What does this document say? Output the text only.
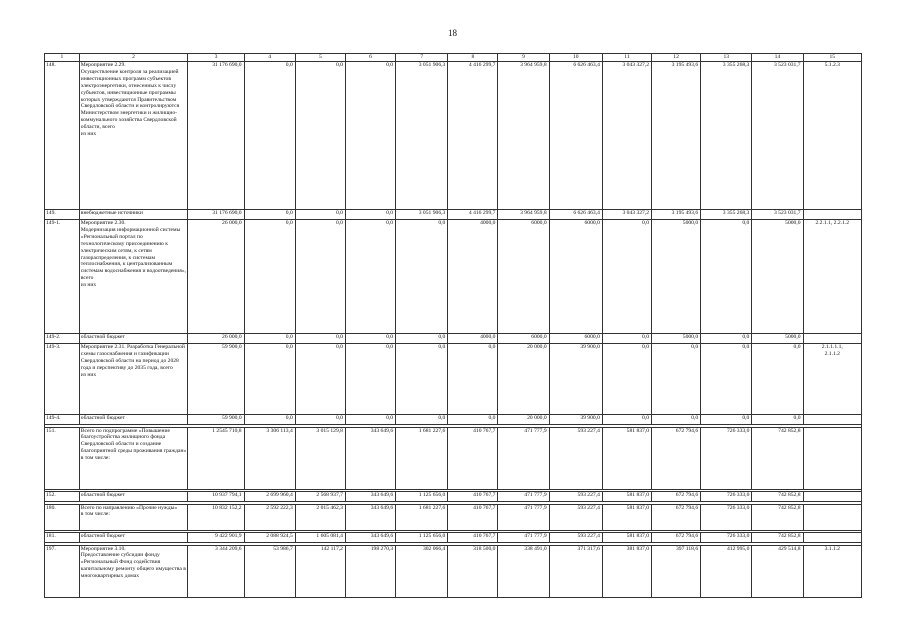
18
1	2	3	4	5	6	7	8	9	10	11	12	13	14	15
148.	Мероприятие 2.29.
Осуществление контроля за реализацией инвестиционных программ субъектов электроэнергетики, отнесенных к числу субъектов, инвестиционные программы которых утверждаются Правительством Свердловской области и контролируются Министерством энергетики и жилищно-коммунального хозяйства Свердловской области, всего
из них	31 176 690,0	0,0	0,0	0,0	3 051 906,3	4 416 299,7	3 964 959,8	6 626 463,4	3 043 327,2	3 195 493,6	3 355 268,3	3 523 031,7	5.1.2.3
149.	внебюджетные источники	31 176 690,0	0,0	0,0	0,0	3 051 906,3	4 416 299,7	3 964 959,8	6 626 463,4	3 043 327,2	3 195 493,6	3 355 268,3	3 523 031,7	
149-1.	Мероприятие 2.30.
Модернизация информационной системы «Региональный портал по технологическому присоединению к электрическим сетям, к сетям газораспределения, к системам теплоснабжения, к централизованным системам водоснабжения и водоотведения», всего
из них	26 000,0	0,0	0,0	0,0	0,0	4000,0	6000,0	6000,0	0,0	5000,0	0,0	5000,0	2.2.1.1, 2.2.1.2
149-2.	областной бюджет	26 000,0	0,0	0,0	0,0	0,0	4000,0	6000,0	6000,0	0,0	5000,0	0,0	5000,0	
149-3.	Мероприятие 2.31. Разработка Генеральной схемы газоснабжения и газификации Свердловской области на период до 2028 года и перспективу до 2035 года, всего
из них	59 900,0	0,0	0,0	0,0	0,0	0,0	20 000,0	39 900,0	0,0	0,0	0,0	0,0	2.1.1.1.1,
2.1.1.2
149-4.	областной бюджет	59 900,0	0,0	0,0	0,0	0,0	0,0	20 000,0	39 900,0	0,0	0,0	0,0	0,0	

151.	Всего по подпрограмме «Повышение благоустройства жилищного фонда Свердловской области и создание благоприятной среды проживания граждан»
в том числе:	1 2545 710,8	3 306 113,4	3 015 129,8	343 649,6	1 681 227,6	410 767,7	471 777,9	593 227,4	581 837,0	672 794,6	726 333,0	742 852,8	

152.	областной бюджет	10 937 794,1	2 699 960,4	2 568 937,7	343 649,6	1 125 656,0	410 767,7	471 777,9	593 227,4	581 837,0	672 794,6	726 333,0	742 852,8	

180.	Всего по направлению «Прочие нужды»
в том числе:	10 832 152,2	2 592 222,3	2 015 462,3	343 649,6	1 681 227,6	410 767,7	471 777,9	593 227,4	581 837,0	672 794,6	726 333,0	742 852,8	

181.	областной бюджет	9 422 901,9	2 088 924,5	1 605 081,4	343 649,6	1 125 656,0	410 767,7	471 777,9	593 227,4	581 837,0	672 794,6	726 333,0	742 852,8	

197.	Мероприятие 3.10.
Предоставление субсидии фонду «Региональный Фонд содействия капитальному ремонту общего имущества в многоквартирных домах	3 344 209,6	53 986,7	142 117,2	198 270,3	302 066,4	318 500,0	338 491,0	371 317,6	381 837,0	397 118,6	412 995,0	429 514,8	3.1.1.2
